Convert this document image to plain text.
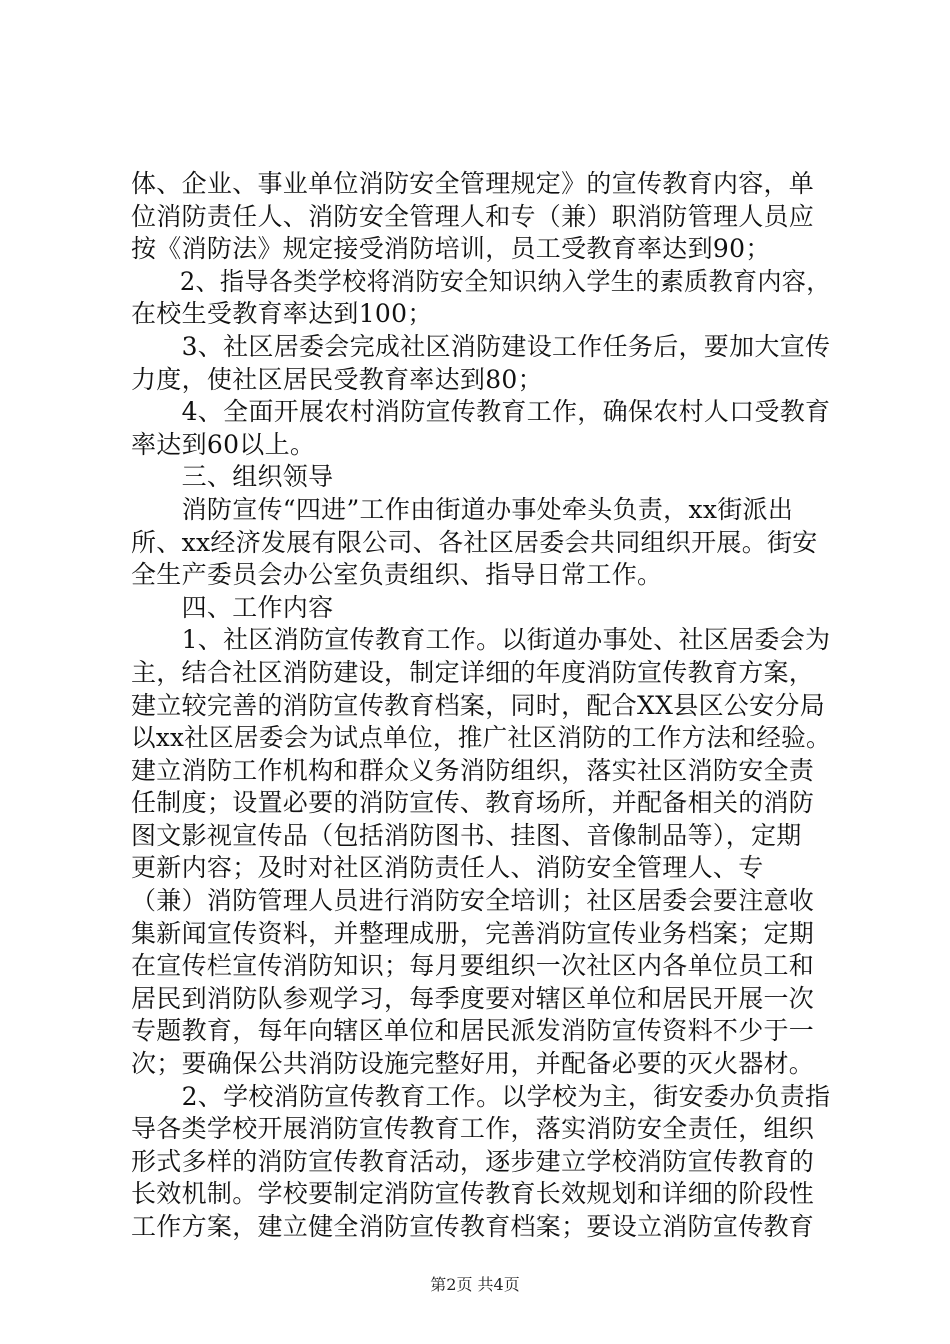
体、企业、事业单位消防安全管理规定》的宣传教育内容，单
位消防责任人、消防安全管理人和专（兼）职消防管理人员应
按《消防法》规定接受消防培训，员工受教育率达到90；
　　2、指导各类学校将消防安全知识纳入学生的素质教育内容，
在校生受教育率达到100；
　　3、社区居委会完成社区消防建设工作任务后，要加大宣传
力度，使社区居民受教育率达到80；
　　4、全面开展农村消防宣传教育工作，确保农村人口受教育
率达到60以上。
　　三、组织领导
　　消防宣传“四进”工作由街道办事处牵头负责，xx街派出
所、xx经济发展有限公司、各社区居委会共同组织开展。街安
全生产委员会办公室负责组织、指导日常工作。
　　四、工作内容
　　1、社区消防宣传教育工作。以街道办事处、社区居委会为
主，结合社区消防建设，制定详细的年度消防宣传教育方案，
建立较完善的消防宣传教育档案，同时，配合XX县区公安分局
以xx社区居委会为试点单位，推广社区消防的工作方法和经验。
建立消防工作机构和群众义务消防组织，落实社区消防安全责
任制度；设置必要的消防宣传、教育场所，并配备相关的消防
图文影视宣传品（包括消防图书、挂图、音像制品等），定期
更新内容；及时对社区消防责任人、消防安全管理人、专
（兼）消防管理人员进行消防安全培训；社区居委会要注意收
集新闻宣传资料，并整理成册，完善消防宣传业务档案；定期
在宣传栏宣传消防知识；每月要组织一次社区内各单位员工和
居民到消防队参观学习，每季度要对辖区单位和居民开展一次
专题教育，每年向辖区单位和居民派发消防宣传资料不少于一
次；要确保公共消防设施完整好用，并配备必要的灭火器材。
　　2、学校消防宣传教育工作。以学校为主，街安委办负责指
导各类学校开展消防宣传教育工作，落实消防安全责任，组织
形式多样的消防宣传教育活动，逐步建立学校消防宣传教育的
长效机制。学校要制定消防宣传教育长效规划和详细的阶段性
工作方案，建立健全消防宣传教育档案；要设立消防宣传教育
第2页 共4页
